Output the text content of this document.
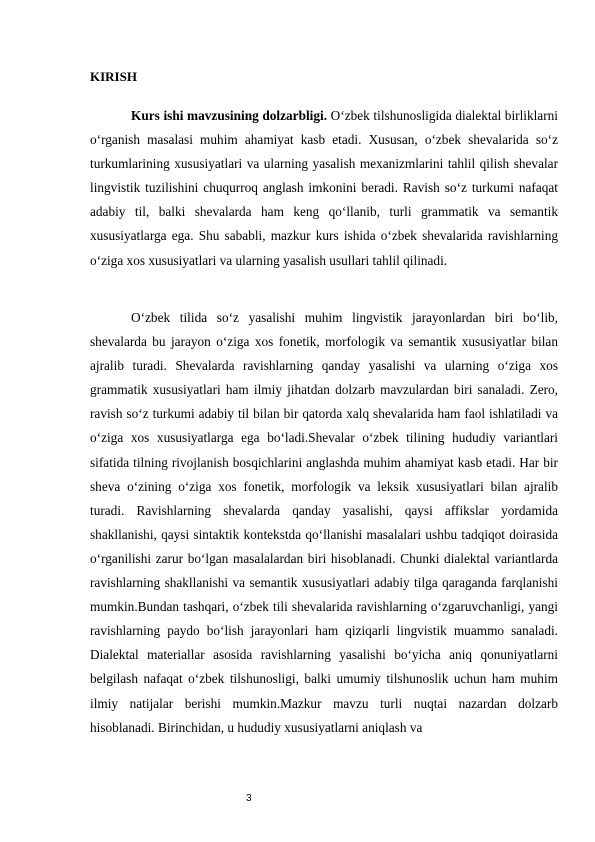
KIRISH

Kurs ishi mavzusining dolzarbligi. O‘zbek tilshunosligida dialektal birliklarni o‘rganish masalasi muhim ahamiyat kasb etadi. Xususan, o‘zbek shevalarida so‘z turkumlarining xususiyatlari va ularning yasalish mexanizmlarini tahlil qilish shevalar lingvistik tuzilishini chuqurroq anglash imkonini beradi. Ravish so‘z turkumi nafaqat adabiy til, balki shevalarda ham keng qo‘llanib, turli grammatik va semantik xususiyatlarga ega. Shu sababli, mazkur kurs ishida o‘zbek shevalarida ravishlarning o‘ziga xos xususiyatlari va ularning yasalish usullari tahlil qilinadi.

O‘zbek tilida so‘z yasalishi muhim lingvistik jarayonlardan biri bo‘lib, shevalarda bu jarayon o‘ziga xos fonetik, morfologik va semantik xususiyatlar bilan ajralib turadi. Shevalarda ravishlarning qanday yasalishi va ularning o‘ziga xos grammatik xususiyatlari ham ilmiy jihatdan dolzarb mavzulardan biri sanaladi. Zero, ravish so‘z turkumi adabiy til bilan bir qatorda xalq shevalarida ham faol ishlatiladi va o‘ziga xos xususiyatlarga ega bo‘ladi.Shevalar o‘zbek tilining hududiy variantlari sifatida tilning rivojlanish bosqichlarini anglashda muhim ahamiyat kasb etadi. Har bir sheva o‘zining o‘ziga xos fonetik, morfologik va leksik xususiyatlari bilan ajralib turadi. Ravishlarning shevalarda qanday yasalishi, qaysi affikslar yordamida shakllanishi, qaysi sintaktik kontekstda qo‘llanishi masalalari ushbu tadqiqot doirasida o‘rganilishi zarur bo‘lgan masalalardan biri hisoblanadi. Chunki dialektal variantlarda ravishlarning shakllanishi va semantik xususiyatlari adabiy tilga qaraganda farqlanishi mumkin.Bundan tashqari, o‘zbek tili shevalarida ravishlarning o‘zgaruvchanligi, yangi ravishlarning paydo bo‘lish jarayonlari ham qiziqarli lingvistik muammo sanaladi. Dialektal materiallar asosida ravishlarning yasalishi bo‘yicha aniq qonuniyatlarni belgilash nafaqat o‘zbek tilshunosligi, balki umumiy tilshunoslik uchun ham muhim ilmiy natijalar berishi mumkin.Mazkur mavzu turli nuqtai nazardan dolzarb hisoblanadi. Birinchidan, u hududiy xususiyatlarni aniqlash va

3
